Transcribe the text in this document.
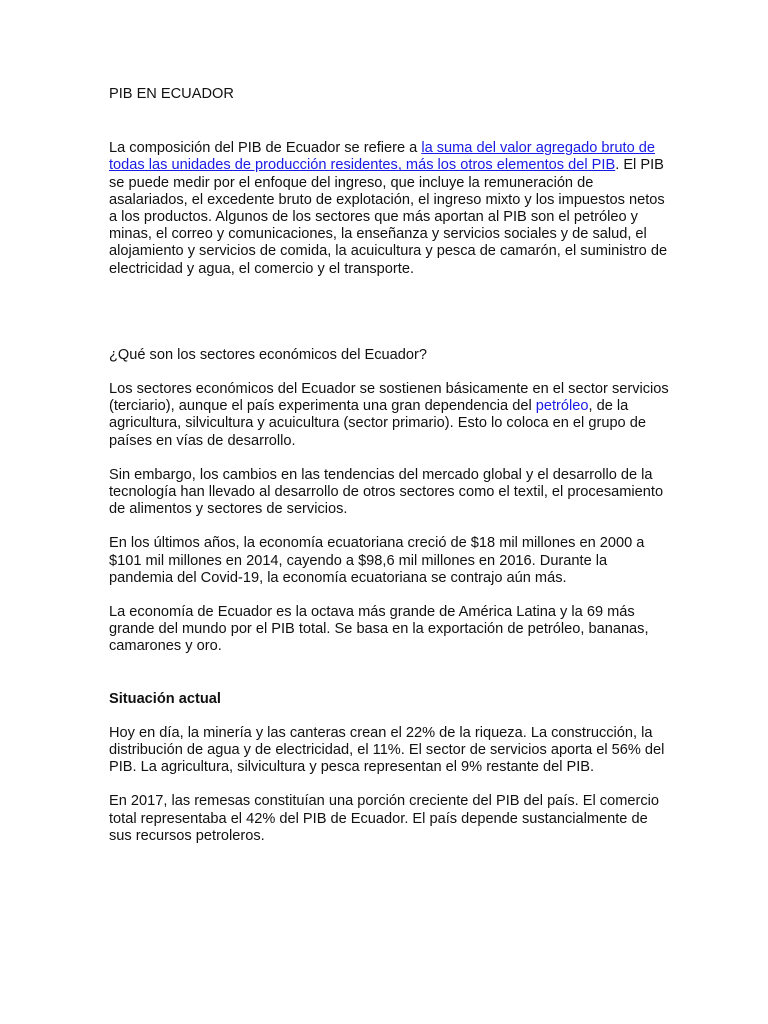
PIB EN ECUADOR

La composición del PIB de Ecuador se refiere a la suma del valor agregado bruto de todas las unidades de producción residentes, más los otros elementos del PIB. El PIB se puede medir por el enfoque del ingreso, que incluye la remuneración de asalariados, el excedente bruto de explotación, el ingreso mixto y los impuestos netos a los productos. Algunos de los sectores que más aportan al PIB son el petróleo y minas, el correo y comunicaciones, la enseñanza y servicios sociales y de salud, el alojamiento y servicios de comida, la acuicultura y pesca de camarón, el suministro de electricidad y agua, el comercio y el transporte.

¿Qué son los sectores económicos del Ecuador?

Los sectores económicos del Ecuador se sostienen básicamente en el sector servicios (terciario), aunque el país experimenta una gran dependencia del petróleo, de la agricultura, silvicultura y acuicultura (sector primario). Esto lo coloca en el grupo de países en vías de desarrollo.

Sin embargo, los cambios en las tendencias del mercado global y el desarrollo de la tecnología han llevado al desarrollo de otros sectores como el textil, el procesamiento de alimentos y sectores de servicios.

En los últimos años, la economía ecuatoriana creció de $18 mil millones en 2000 a $101 mil millones en 2014, cayendo a $98,6 mil millones en 2016. Durante la pandemia del Covid-19, la economía ecuatoriana se contrajo aún más.

La economía de Ecuador es la octava más grande de América Latina y la 69 más grande del mundo por el PIB total. Se basa en la exportación de petróleo, bananas, camarones y oro.

Situación actual

Hoy en día, la minería y las canteras crean el 22% de la riqueza. La construcción, la distribución de agua y de electricidad, el 11%. El sector de servicios aporta el 56% del PIB. La agricultura, silvicultura y pesca representan el 9% restante del PIB.

En 2017, las remesas constituían una porción creciente del PIB del país. El comercio total representaba el 42% del PIB de Ecuador. El país depende sustancialmente de sus recursos petroleros.
